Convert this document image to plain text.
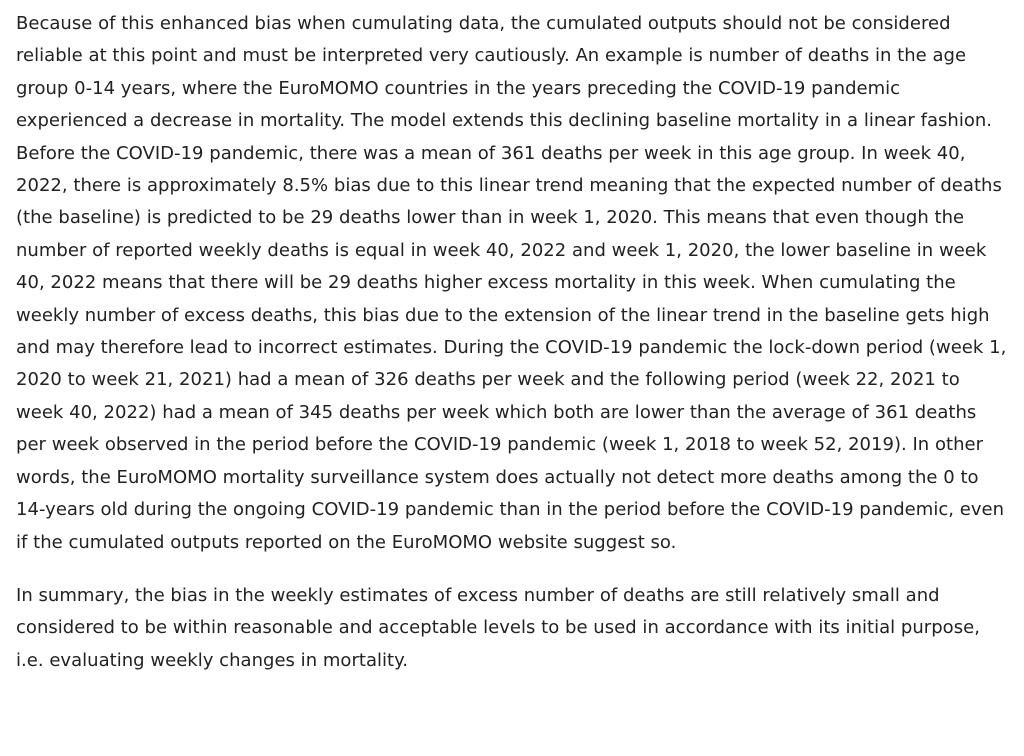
Because of this enhanced bias when cumulating data, the cumulated outputs should not be considered reliable at this point and must be interpreted very cautiously. An example is number of deaths in the age group 0-14 years, where the EuroMOMO countries in the years preceding the COVID-19 pandemic experienced a decrease in mortality. The model extends this declining baseline mortality in a linear fashion. Before the COVID-19 pandemic, there was a mean of 361 deaths per week in this age group. In week 40, 2022, there is approximately 8.5% bias due to this linear trend meaning that the expected number of deaths (the baseline) is predicted to be 29 deaths lower than in week 1, 2020. This means that even though the number of reported weekly deaths is equal in week 40, 2022 and week 1, 2020, the lower baseline in week 40, 2022 means that there will be 29 deaths higher excess mortality in this week. When cumulating the weekly number of excess deaths, this bias due to the extension of the linear trend in the baseline gets high and may therefore lead to incorrect estimates. During the COVID-19 pandemic the lock-down period (week 1, 2020 to week 21, 2021) had a mean of 326 deaths per week and the following period (week 22, 2021 to week 40, 2022) had a mean of 345 deaths per week which both are lower than the average of 361 deaths per week observed in the period before the COVID-19 pandemic (week 1, 2018 to week 52, 2019). In other words, the EuroMOMO mortality surveillance system does actually not detect more deaths among the 0 to 14-years old during the ongoing COVID-19 pandemic than in the period before the COVID-19 pandemic, even if the cumulated outputs reported on the EuroMOMO website suggest so.

In summary, the bias in the weekly estimates of excess number of deaths are still relatively small and considered to be within reasonable and acceptable levels to be used in accordance with its initial purpose, i.e. evaluating weekly changes in mortality.
